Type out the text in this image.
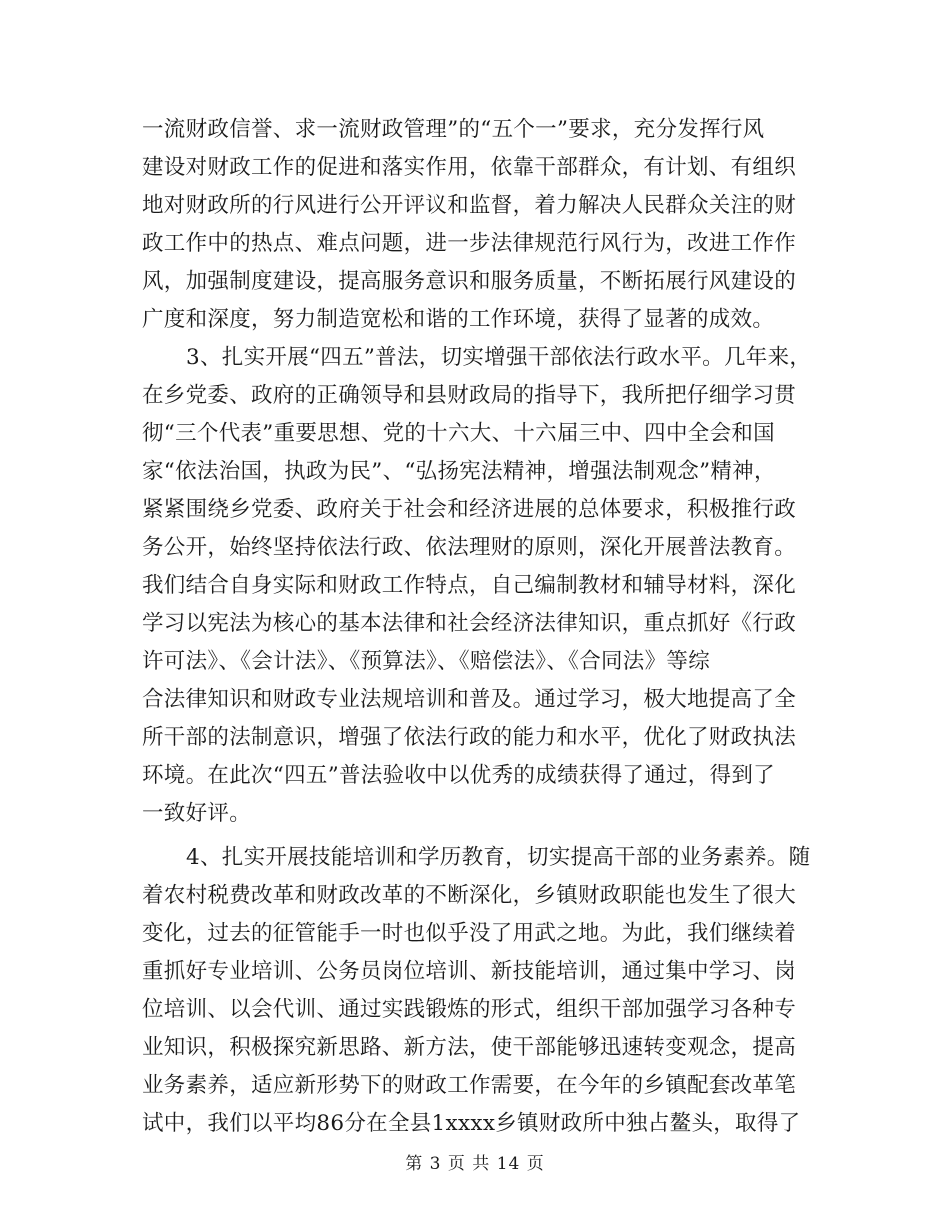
一流财政信誉、求一流财政管理”的“五个一”要求，充分发挥行风
建设对财政工作的促进和落实作用，依靠干部群众，有计划、有组织
地对财政所的行风进行公开评议和监督，着力解决人民群众关注的财
政工作中的热点、难点问题，进一步法律规范行风行为，改进工作作
风，加强制度建设，提高服务意识和服务质量，不断拓展行风建设的
广度和深度，努力制造宽松和谐的工作环境，获得了显著的成效。
3、扎实开展“四五”普法，切实增强干部依法行政水平。几年来，
在乡党委、政府的正确领导和县财政局的指导下，我所把仔细学习贯
彻“三个代表”重要思想、党的十六大、十六届三中、四中全会和国
家“依法治国，执政为民”、“弘扬宪法精神，增强法制观念”精神，
紧紧围绕乡党委、政府关于社会和经济进展的总体要求，积极推行政
务公开，始终坚持依法行政、依法理财的原则，深化开展普法教育。
我们结合自身实际和财政工作特点，自己编制教材和辅导材料，深化
学习以宪法为核心的基本法律和社会经济法律知识，重点抓好《行政
许可法》、《会计法》、《预算法》、《赔偿法》、《合同法》等综
合法律知识和财政专业法规培训和普及。通过学习，极大地提高了全
所干部的法制意识，增强了依法行政的能力和水平，优化了财政执法
环境。在此次“四五”普法验收中以优秀的成绩获得了通过，得到了
一致好评。
4、扎实开展技能培训和学历教育，切实提高干部的业务素养。随
着农村税费改革和财政改革的不断深化，乡镇财政职能也发生了很大
变化，过去的征管能手一时也似乎没了用武之地。为此，我们继续着
重抓好专业培训、公务员岗位培训、新技能培训，通过集中学习、岗
位培训、以会代训、通过实践锻炼的形式，组织干部加强学习各种专
业知识，积极探究新思路、新方法，使干部能够迅速转变观念，提高
业务素养，适应新形势下的财政工作需要，在今年的乡镇配套改革笔
试中，我们以平均86分在全县1xxxx乡镇财政所中独占鳌头，取得了
第 3 页 共 14 页
